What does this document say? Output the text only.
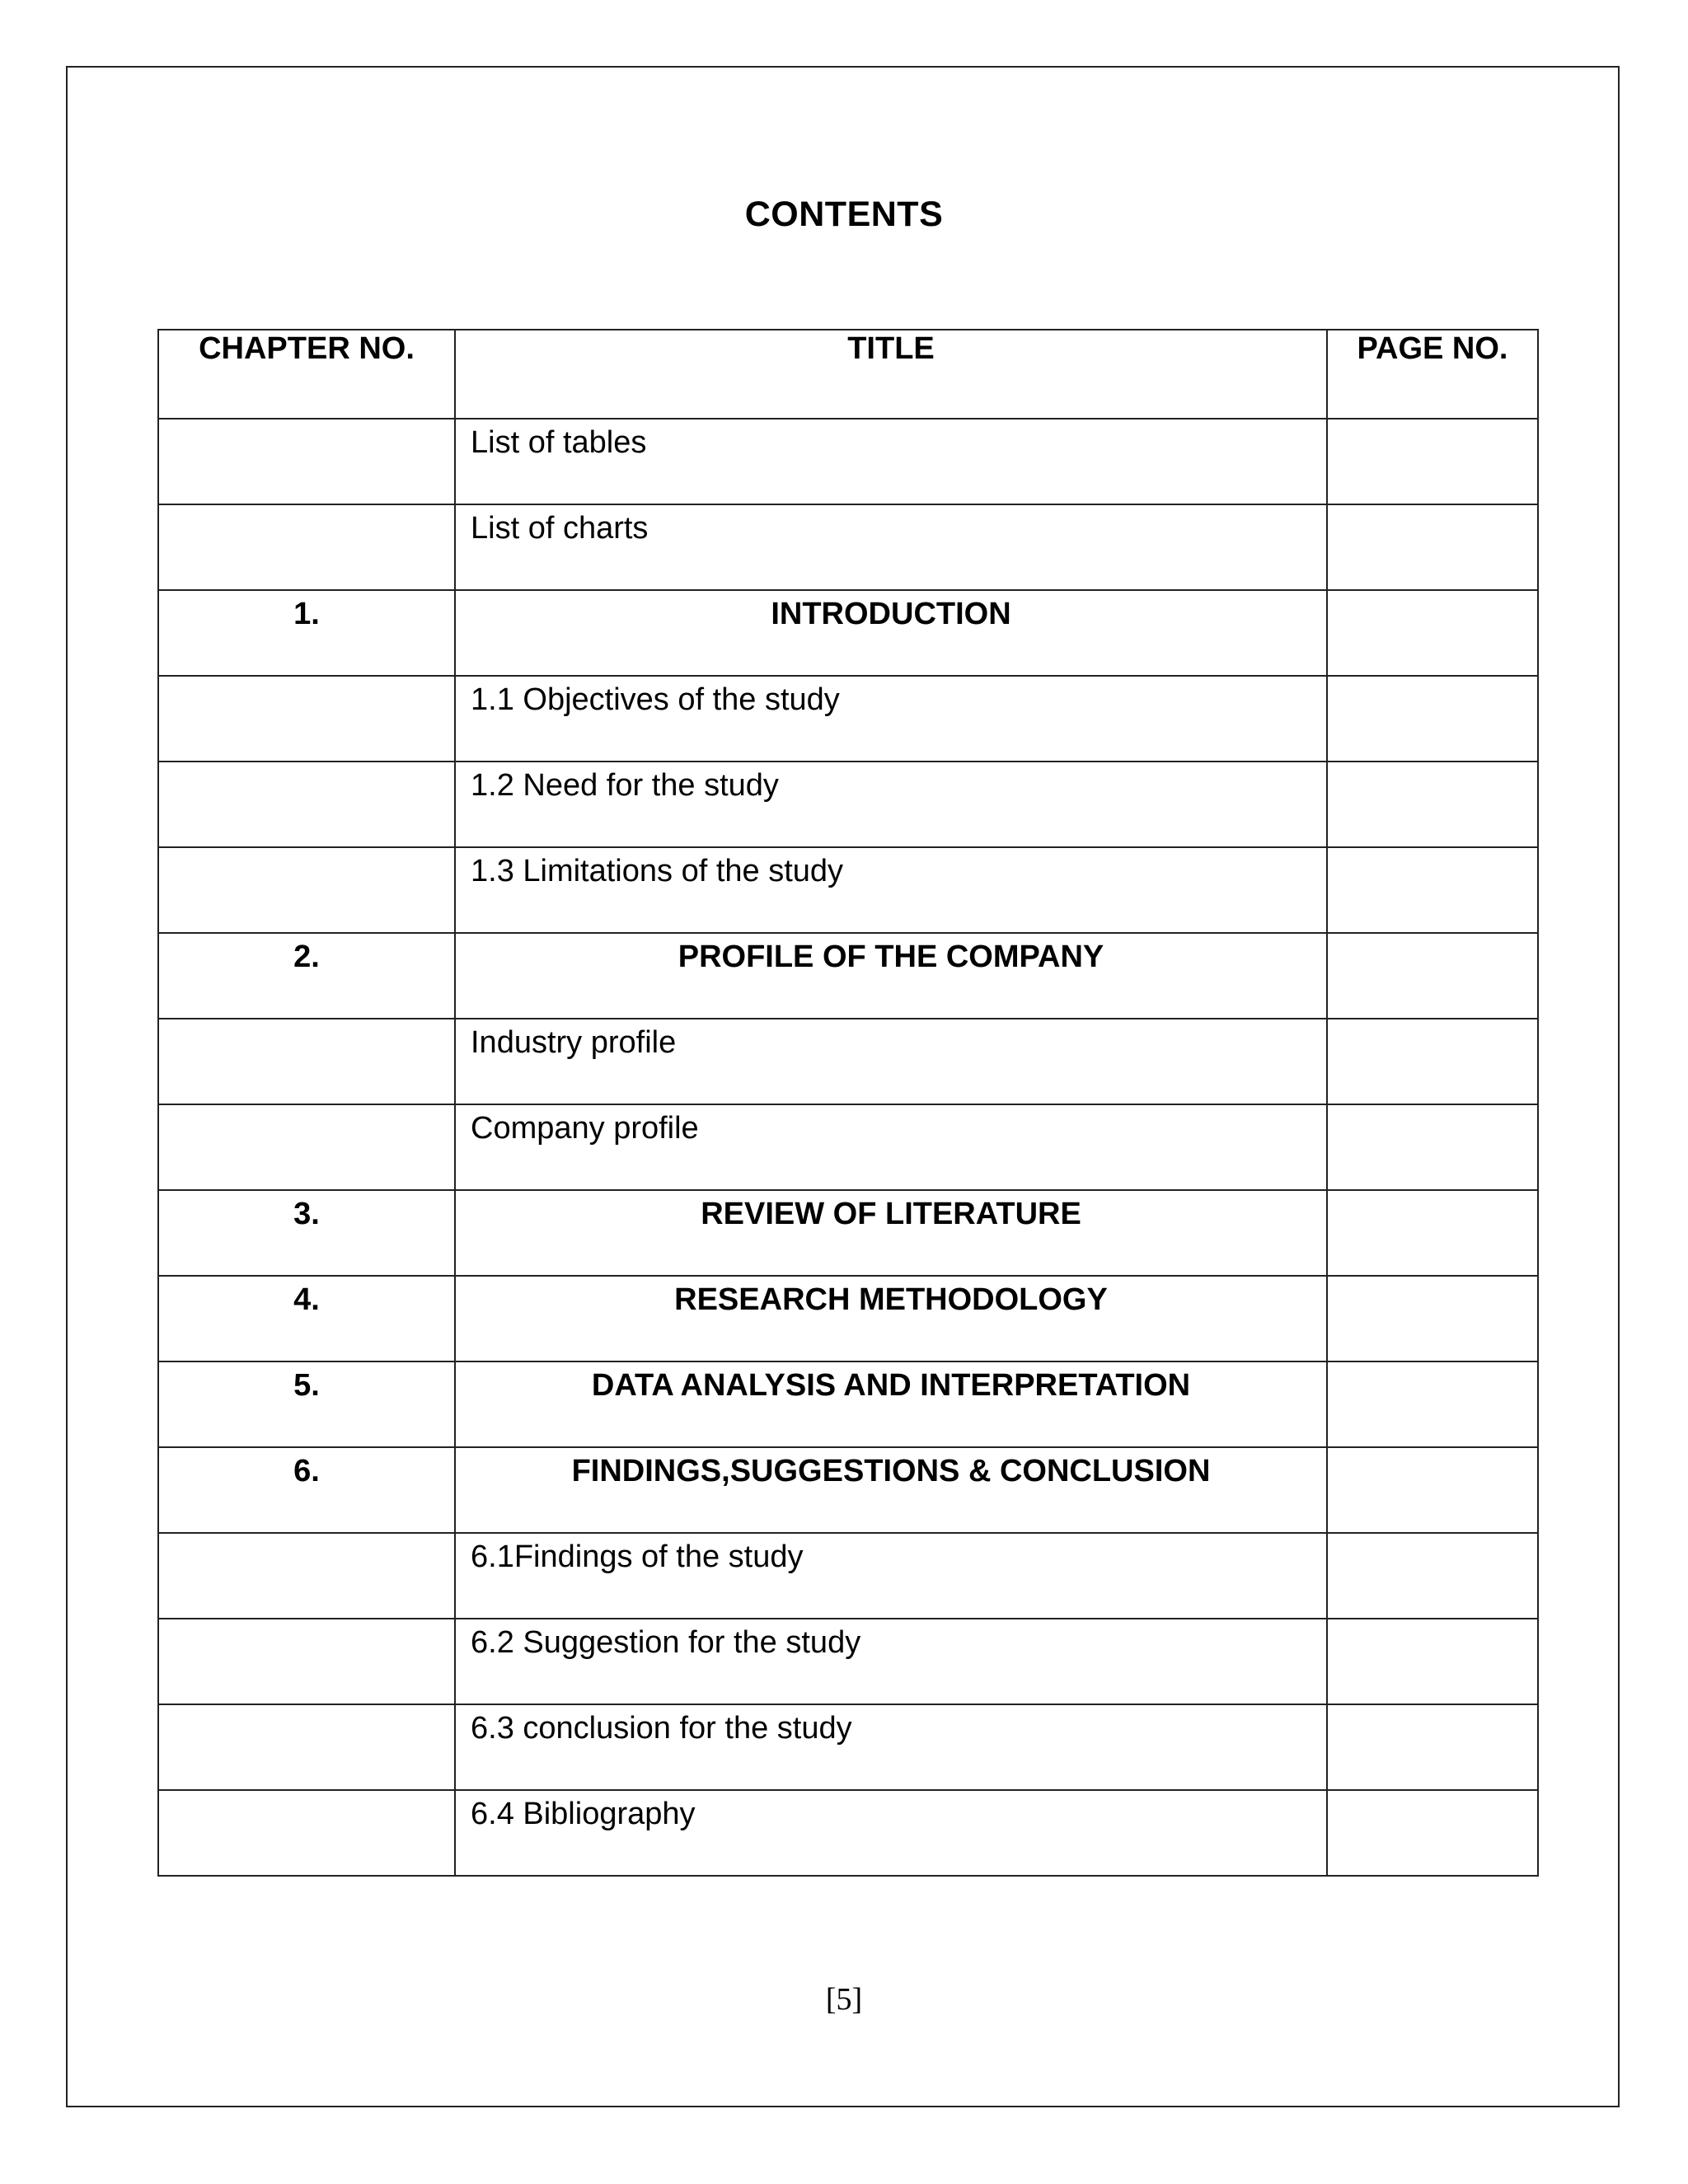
CONTENTS
CHAPTER NO.	TITLE	PAGE NO.
	List of tables	
	List of charts	
1.	INTRODUCTION	
	1.1 Objectives of the study	
	1.2 Need for the study	
	1.3 Limitations of the study	
2.	PROFILE OF THE COMPANY	
	Industry profile	
	Company profile	
3.	REVIEW OF LITERATURE	
4.	RESEARCH METHODOLOGY	
5.	DATA ANALYSIS AND INTERPRETATION	
6.	FINDINGS,SUGGESTIONS & CONCLUSION	
	6.1Findings of the study	
	6.2 Suggestion for the study	
	6.3 conclusion for the study	
	6.4 Bibliography	
[5]
